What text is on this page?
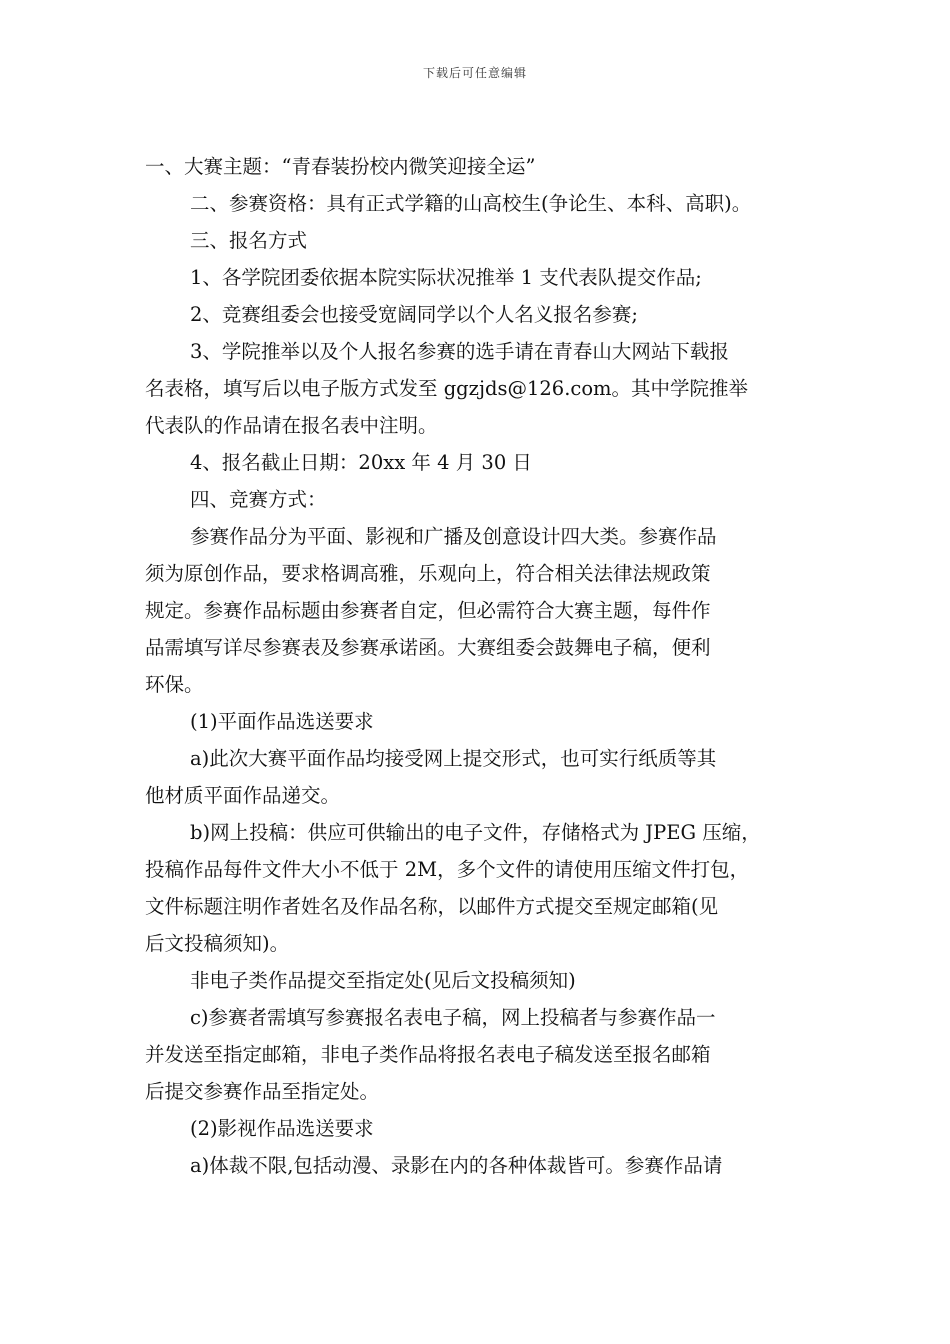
下载后可任意编辑
一、大赛主题：“青春装扮校内微笑迎接全运”
二、参赛资格：具有正式学籍的山高校生(争论生、本科、高职)。
三、报名方式
1、各学院团委依据本院实际状况推举 1 支代表队提交作品;
2、竞赛组委会也接受宽阔同学以个人名义报名参赛;
3、学院推举以及个人报名参赛的选手请在青春山大网站下载报
名表格，填写后以电子版方式发至 ggzjds@126.com。其中学院推举
代表队的作品请在报名表中注明。
4、报名截止日期：20xx 年 4 月 30 日
四、竞赛方式：
参赛作品分为平面、影视和广播及创意设计四大类。参赛作品
须为原创作品，要求格调高雅，乐观向上，符合相关法律法规政策
规定。参赛作品标题由参赛者自定，但必需符合大赛主题，每件作
品需填写详尽参赛表及参赛承诺函。大赛组委会鼓舞电子稿，便利
环保。
(1)平面作品选送要求
a)此次大赛平面作品均接受网上提交形式，也可实行纸质等其
他材质平面作品递交。
b)网上投稿：供应可供输出的电子文件，存储格式为 JPEG 压缩，
投稿作品每件文件大小不低于 2M，多个文件的请使用压缩文件打包，
文件标题注明作者姓名及作品名称，以邮件方式提交至规定邮箱(见
后文投稿须知)。
非电子类作品提交至指定处(见后文投稿须知)
c)参赛者需填写参赛报名表电子稿，网上投稿者与参赛作品一
并发送至指定邮箱，非电子类作品将报名表电子稿发送至报名邮箱
后提交参赛作品至指定处。
(2)影视作品选送要求
a)体裁不限,包括动漫、录影在内的各种体裁皆可。参赛作品请
